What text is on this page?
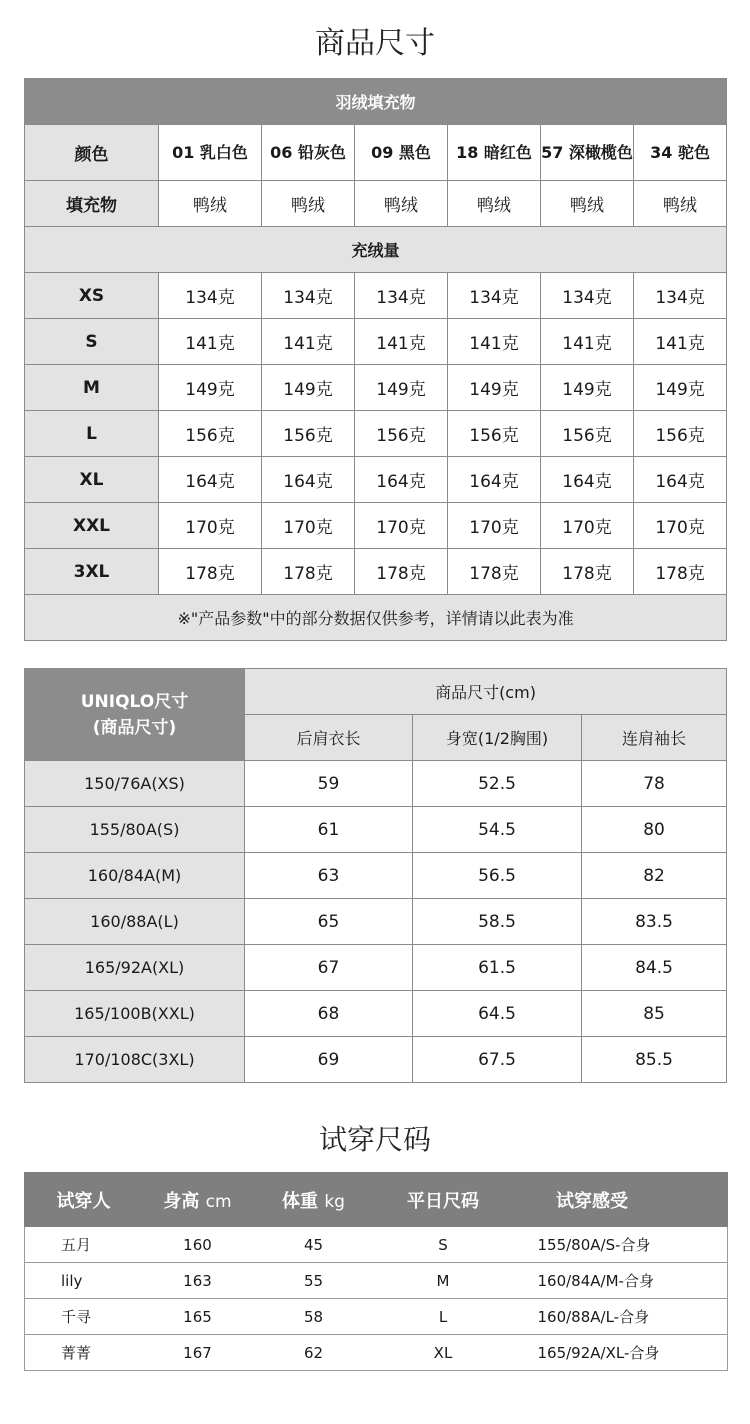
商品尺寸
羽绒填充物						
颜色	01 乳白色	06 铅灰色	09 黑色	18 暗红色	57 深橄榄色	34 驼色
填充物	鸭绒	鸭绒	鸭绒	鸭绒	鸭绒	鸭绒
充绒量						
XS	134克	134克	134克	134克	134克	134克
S	141克	141克	141克	141克	141克	141克
M	149克	149克	149克	149克	149克	149克
L	156克	156克	156克	156克	156克	156克
XL	164克	164克	164克	164克	164克	164克
XXL	170克	170克	170克	170克	170克	170克
3XL	178克	178克	178克	178克	178克	178克
※"产品参数"中的部分数据仅供参考，详情请以此表为准						
UNIQLO尺寸
(商品尺寸)	商品尺寸(cm)		
	后肩衣长	身宽(1/2胸围)	连肩袖长
150/76A(XS)	59	52.5	78
155/80A(S)	61	54.5	80
160/84A(M)	63	56.5	82
160/88A(L)	65	58.5	83.5
165/92A(XL)	67	61.5	84.5
165/100B(XXL)	68	64.5	85
170/108C(3XL)	69	67.5	85.5
试穿尺码
试穿人	身高 cm	体重 kg	平日尺码	试穿感受
五月	160	45	S	155/80A/S-合身
lily	163	55	M	160/84A/M-合身
千寻	165	58	L	160/88A/L-合身
菁菁	167	62	XL	165/92A/XL-合身
